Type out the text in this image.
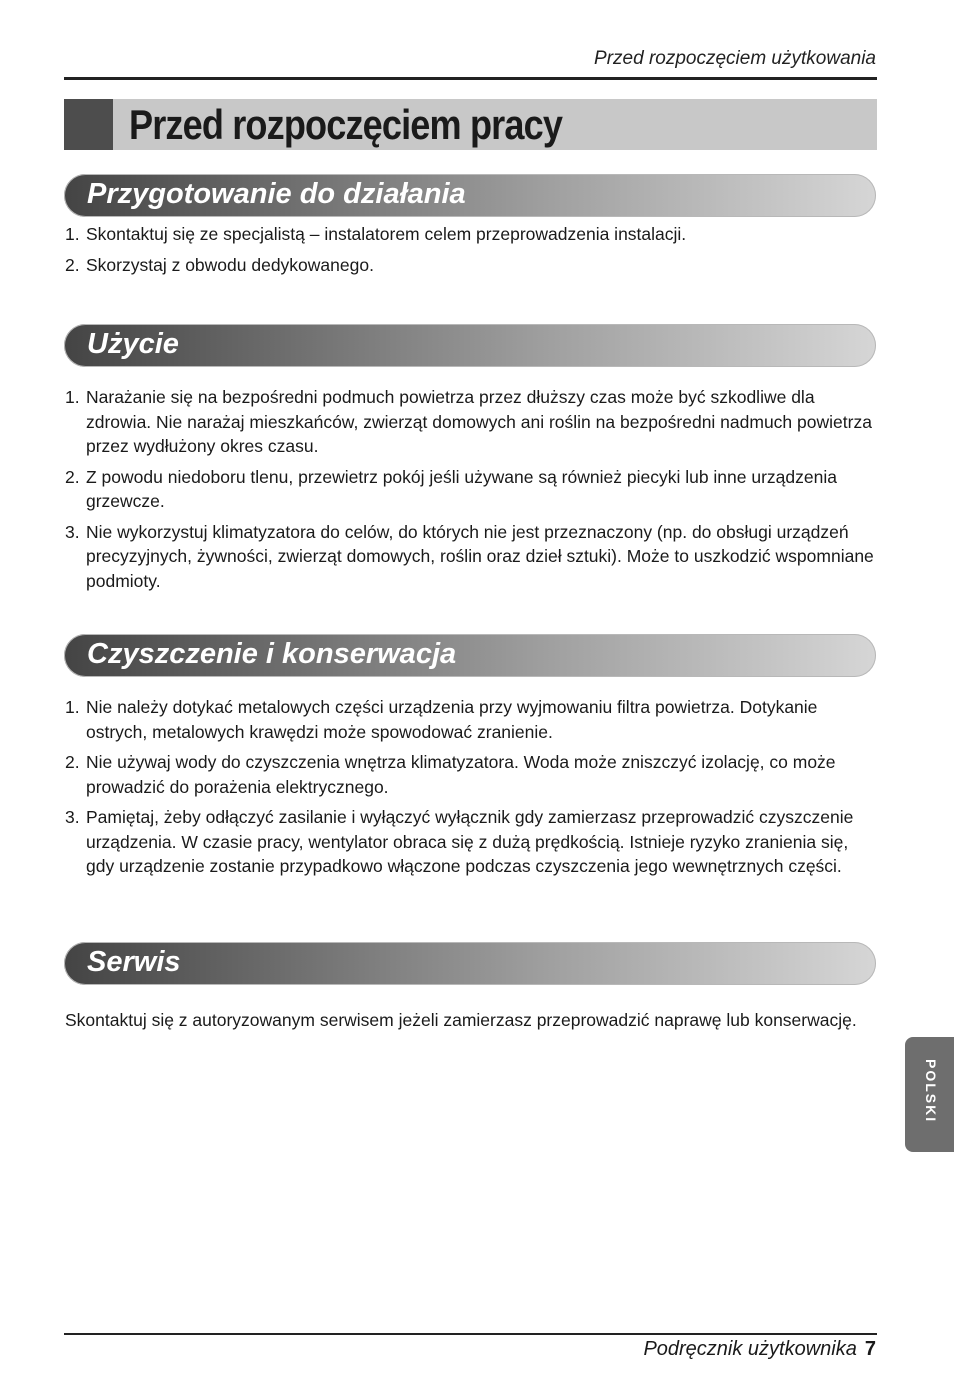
Przed rozpoczęciem użytkowania
Przed rozpoczęciem pracy
Przygotowanie do działania
1. Skontaktuj się ze specjalistą – instalatorem celem przeprowadzenia instalacji.
2. Skorzystaj z obwodu dedykowanego.
Użycie
1. Narażanie się na bezpośredni podmuch powietrza przez dłuższy czas może być szkodliwe dla zdrowia. Nie narażaj mieszkańców, zwierząt domowych ani roślin na bezpośredni nadmuch powietrza przez wydłużony okres czasu.
2. Z powodu niedoboru tlenu, przewietrz pokój jeśli używane są również piecyki lub inne urządzenia grzewcze.
3. Nie wykorzystuj klimatyzatora do celów, do których nie jest przeznaczony (np. do obsługi urządzeń precyzyjnych, żywności, zwierząt domowych, roślin oraz dzieł sztuki). Może to uszkodzić wspomniane podmioty.
Czyszczenie i konserwacja
1. Nie należy dotykać metalowych części urządzenia przy wyjmowaniu filtra powietrza. Dotykanie ostrych, metalowych krawędzi może spowodować zranienie.
2. Nie używaj wody do czyszczenia wnętrza klimatyzatora. Woda może zniszczyć izolację, co może prowadzić do porażenia elektrycznego.
3. Pamiętaj, żeby odłączyć zasilanie i wyłączyć wyłącznik gdy zamierzasz przeprowadzić czyszczenie urządzenia. W czasie pracy, wentylator obraca się z dużą prędkością. Istnieje ryzyko zranienia się, gdy urządzenie zostanie przypadkowo włączone podczas czyszczenia jego wewnętrznych części.
Serwis

Skontaktuj się z autoryzowanym serwisem jeżeli zamierzasz przeprowadzić naprawę lub konserwację.

POLSKI
Podręcznik użytkownika 7
